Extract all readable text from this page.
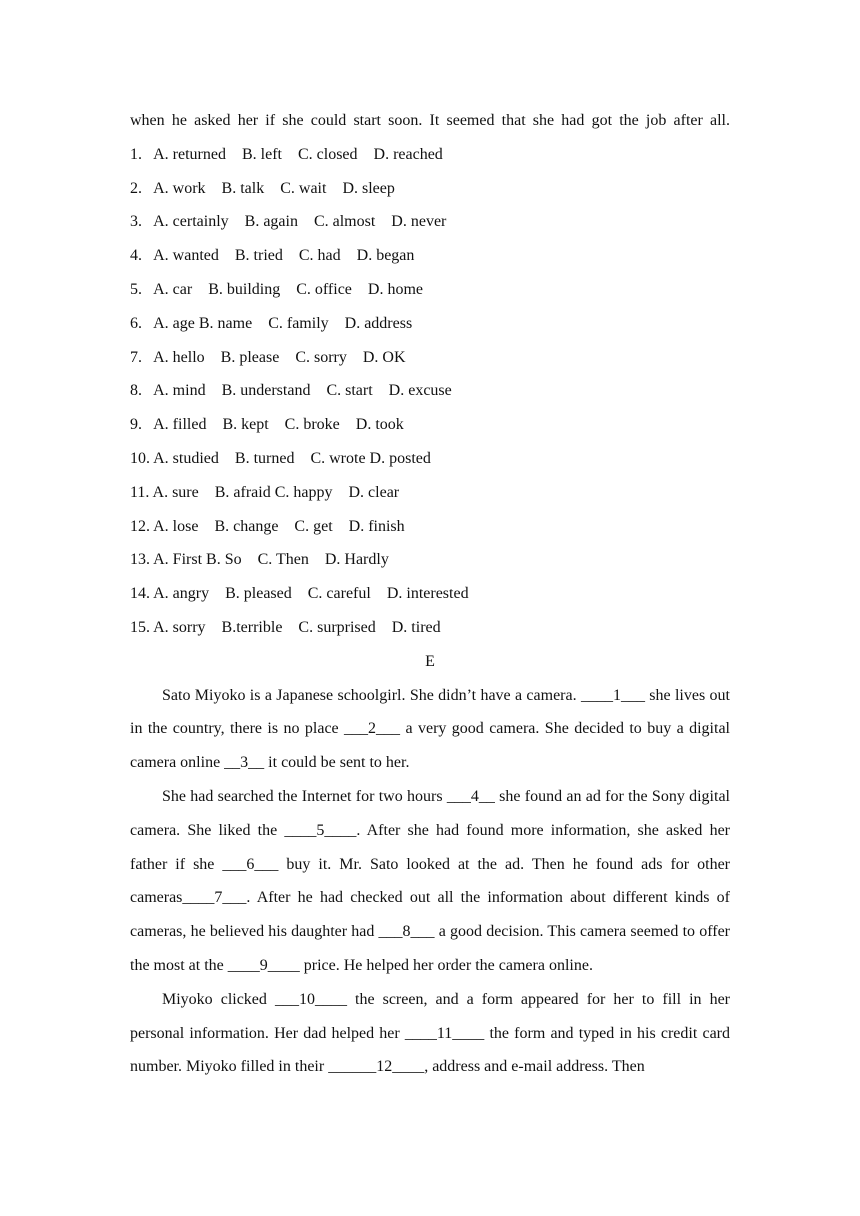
when he asked her if she could start soon. It seemed that she had got the job after all.

1.   A. returned    B. left    C. closed    D. reached
2.   A. work    B. talk    C. wait    D. sleep
3.   A. certainly    B. again    C. almost    D. never
4.   A. wanted    B. tried    C. had    D. began
5.   A. car    B. building    C. office    D. home
6.   A. age B. name    C. family    D. address
7.   A. hello    B. please    C. sorry    D. OK
8.   A. mind    B. understand    C. start    D. excuse
9.   A. filled    B. kept    C. broke    D. took
10. A. studied    B. turned    C. wrote D. posted
11. A. sure    B. afraid C. happy    D. clear
12. A. lose    B. change    C. get    D. finish
13. A. First B. So    C. Then    D. Hardly
14. A. angry    B. pleased    C. careful    D. interested
15. A. sorry    B.terrible    C. surprised    D. tired
E

Sato Miyoko is a Japanese schoolgirl. She didn’t have a camera. ____1___ she lives out in the country, there is no place ___2___ a very good camera. She decided to buy a digital camera online __3__ it could be sent to her.

She had searched the Internet for two hours ___4__ she found an ad for the Sony digital camera. She liked the ____5____. After she had found more information, she asked her father if she ___6___ buy it. Mr. Sato looked at the ad. Then he found ads for other cameras____7___. After he had checked out all the information about different kinds of cameras, he believed his daughter had ___8___ a good decision. This camera seemed to offer the most at the ____9____ price. He helped her order the camera online.

Miyoko clicked ___10____ the screen, and a form appeared for her to fill in her personal information. Her dad helped her ____11____ the form and typed in his credit card number. Miyoko filled in their ______12____, address and e-mail address. Then
